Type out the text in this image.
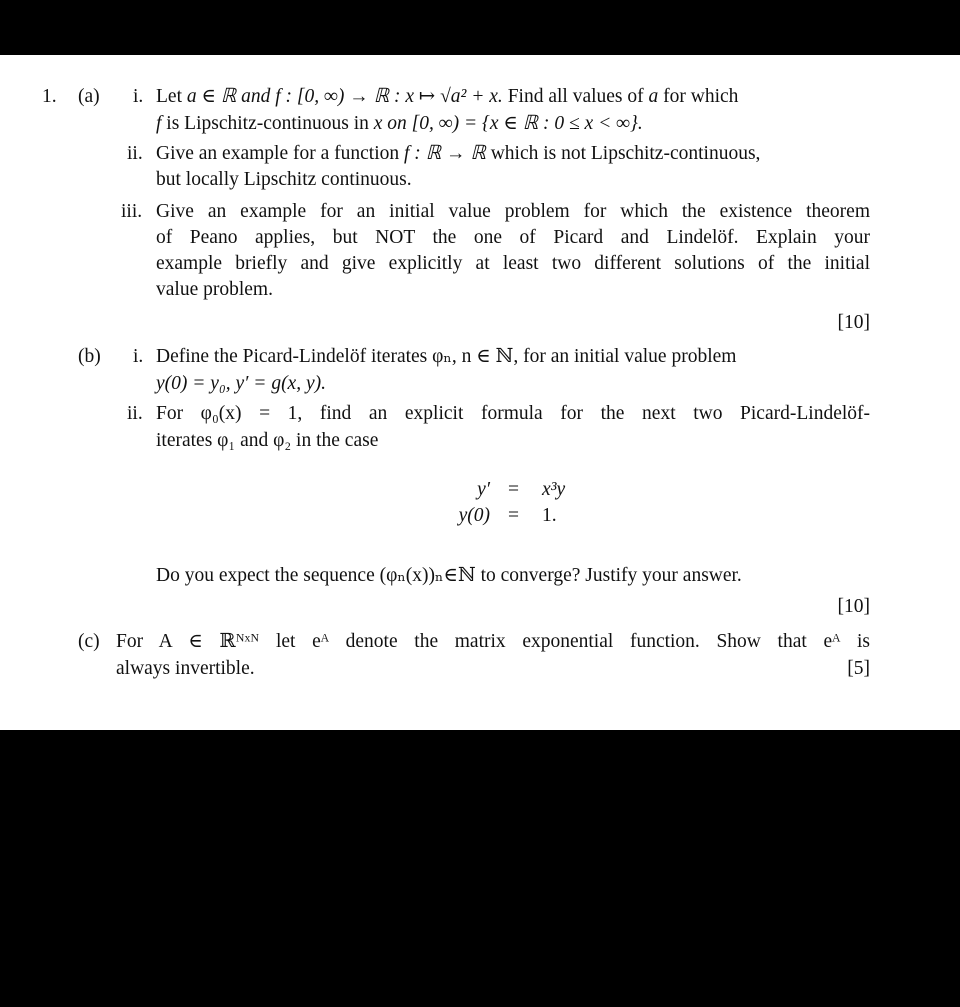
1. (a) i. Let a ∈ ℝ and f : [0, ∞) → ℝ : x ↦ √a² + x. Find all values of a for which
f is Lipschitz-continuous in x on [0, ∞) = {x ∈ ℝ : 0 ≤ x < ∞}.
ii. Give an example for a function f : ℝ → ℝ which is not Lipschitz-continuous,
but locally Lipschitz continuous.
iii. Give an example for an initial value problem for which the existence theorem
of Peano applies, but NOT the one of Picard and Lindelöf. Explain your
example briefly and give explicitly at least two different solutions of the initial
value problem.
[10]
(b) i. Define the Picard-Lindelöf iterates φₙ, n ∈ ℕ, for an initial value problem
y(0) = y₀, y′ = g(x, y).
ii. For φ₀(x) = 1, find an explicit formula for the next two Picard-Lindelöf-
iterates φ₁ and φ₂ in the case
y′ = x³y
y(0) = 1.
Do you expect the sequence (φₙ(x))ₙ∈ℕ to converge? Justify your answer.
[10]
(c) For A ∈ ℝᴺˣᴺ let eᴬ denote the matrix exponential function. Show that eᴬ is
always invertible.	[5]
